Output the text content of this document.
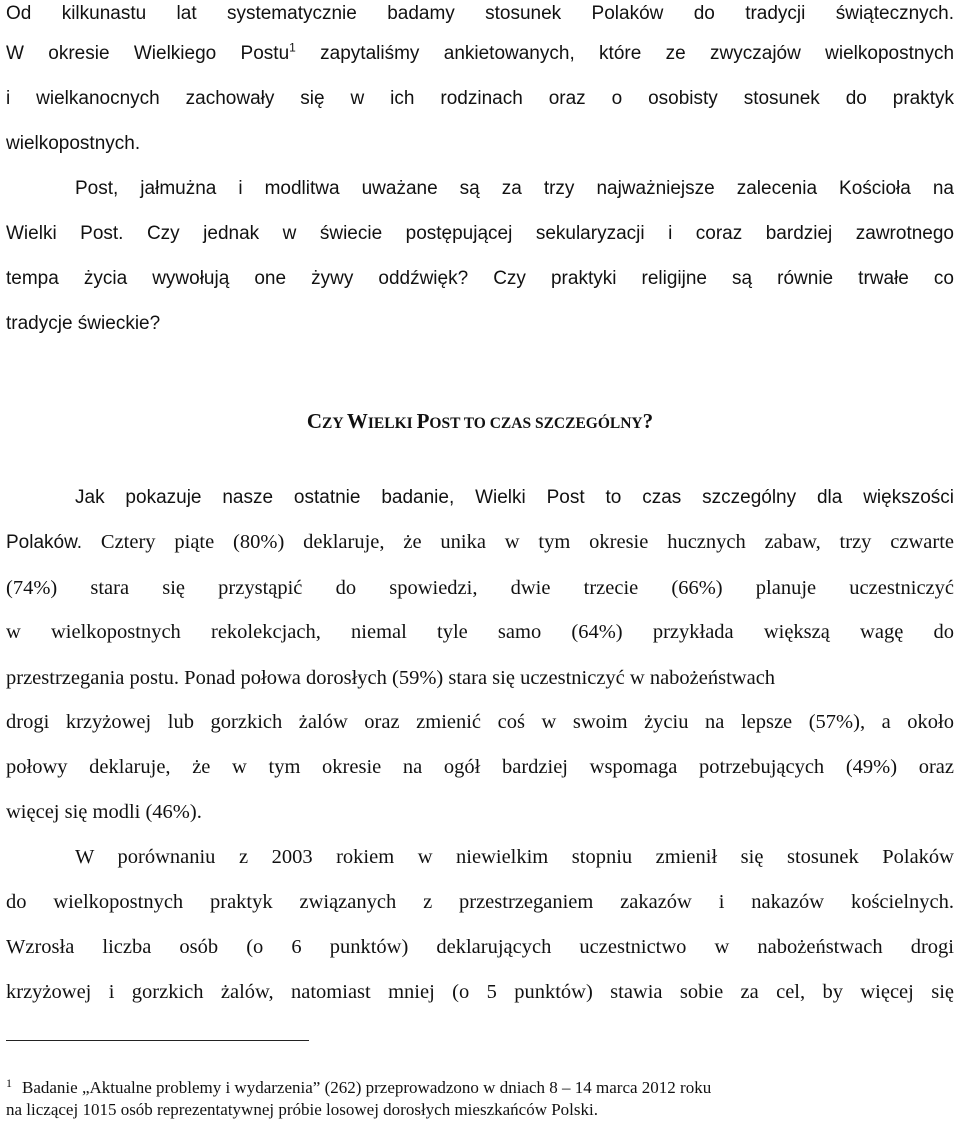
Od kilkunastu lat systematycznie badamy stosunek Polaków do tradycji świątecznych.
W okresie Wielkiego Postu$^1$ zapytaliśmy ankietowanych, które ze zwyczajów wielkopostnych
i wielkanocnych zachowały się w ich rodzinach oraz o osobisty stosunek do praktyk
wielkopostnych.
Post, jałmużna i modlitwa uważane są za trzy najważniejsze zalecenia Kościoła na
Wielki Post. Czy jednak w świecie postępującej sekularyzacji i coraz bardziej zawrotnego
tempa życia wywołują one żywy oddźwięk? Czy praktyki religijne są równie trwałe co
tradycje świeckie?
CZY WIELKI POST TO CZAS SZCZEGÓLNY?
Jak pokazuje nasze ostatnie badanie, Wielki Post to czas szczególny dla większości
Polaków. Cztery piąte (80%) deklaruje, że unika w tym okresie hucznych zabaw, trzy czwarte
(74%) stara się przystąpić do spowiedzi, dwie trzecie (66%) planuje uczestniczyć
w wielkopostnych rekolekcjach, niemal tyle samo (64%) przykłada większą wagę do
przestrzegania postu. Ponad połowa dorosłych (59%) stara się uczestniczyć w nabożeństwach
drogi krzyżowej lub gorzkich żalów oraz zmienić coś w swoim życiu na lepsze (57%), a około
połowy deklaruje, że w tym okresie na ogół bardziej wspomaga potrzebujących (49%) oraz
więcej się modli (46%).
W porównaniu z 2003 rokiem w niewielkim stopniu zmienił się stosunek Polaków
do wielkopostnych praktyk związanych z przestrzeganiem zakazów i nakazów kościelnych.
Wzrosła liczba osób (o 6 punktów) deklarujących uczestnictwo w nabożeństwach drogi
krzyżowej i gorzkich żalów, natomiast mniej (o 5 punktów) stawia sobie za cel, by więcej się
$^1$ Badanie „Aktualne problemy i wydarzenia” (262) przeprowadzono w dniach 8 – 14 marca 2012 roku
na liczącej 1015 osób reprezentatywnej próbie losowej dorosłych mieszkańców Polski.
